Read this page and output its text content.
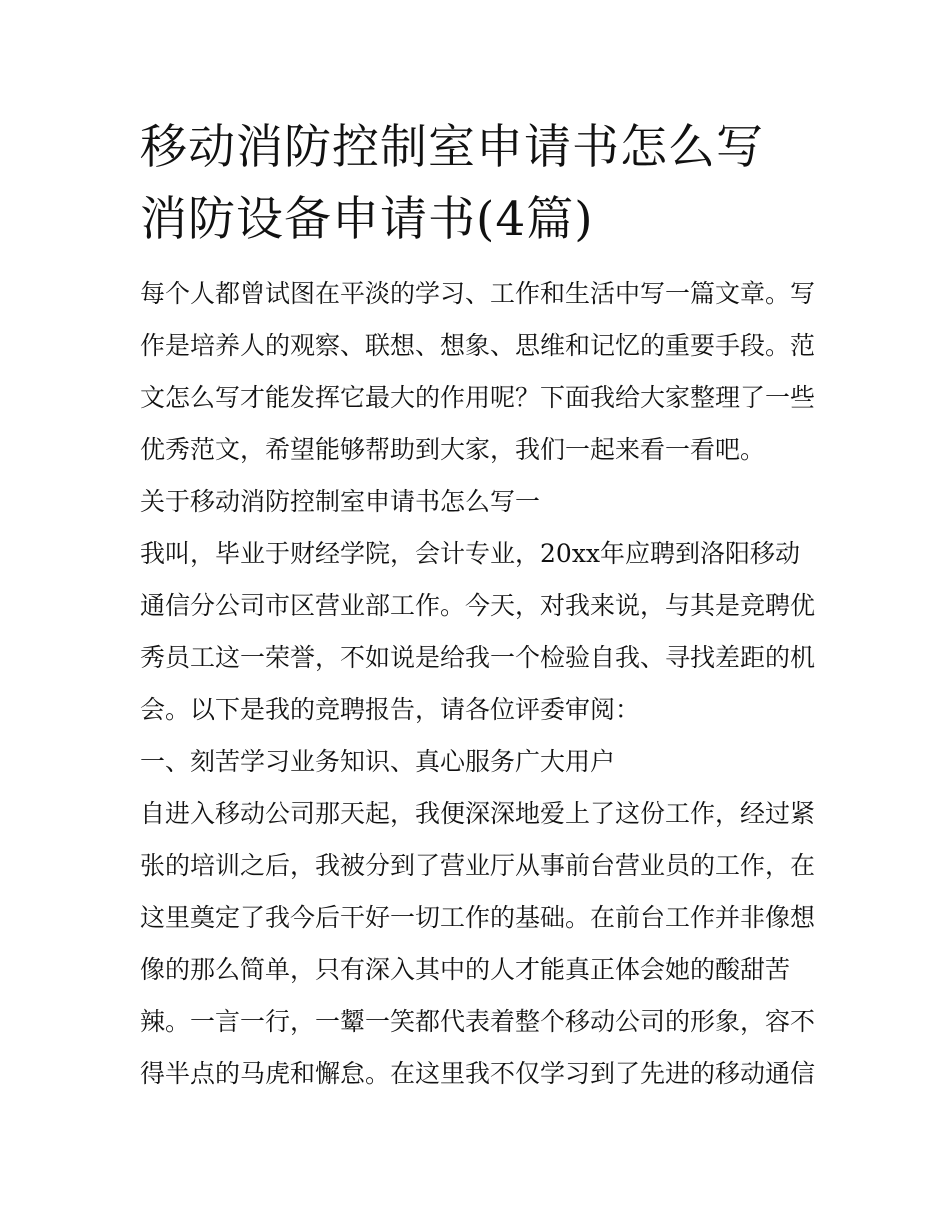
移动消防控制室申请书怎么写
消防设备申请书(4篇)

每个人都曾试图在平淡的学习、工作和生活中写一篇文章。写作是培养人的观察、联想、想象、思维和记忆的重要手段。范文怎么写才能发挥它最大的作用呢？下面我给大家整理了一些优秀范文，希望能够帮助到大家，我们一起来看一看吧。

关于移动消防控制室申请书怎么写一

我叫，毕业于财经学院，会计专业，20xx年应聘到洛阳移动通信分公司市区营业部工作。今天，对我来说，与其是竞聘优秀员工这一荣誉，不如说是给我一个检验自我、寻找差距的机会。以下是我的竞聘报告，请各位评委审阅：

一、刻苦学习业务知识、真心服务广大用户

自进入移动公司那天起，我便深深地爱上了这份工作，经过紧张的培训之后，我被分到了营业厅从事前台营业员的工作，在这里奠定了我今后干好一切工作的基础。在前台工作并非像想像的那么简单，只有深入其中的人才能真正体会她的酸甜苦辣。一言一行，一颦一笑都代表着整个移动公司的形象，容不得半点的马虎和懈怠。在这里我不仅学习到了先进的移动通信
